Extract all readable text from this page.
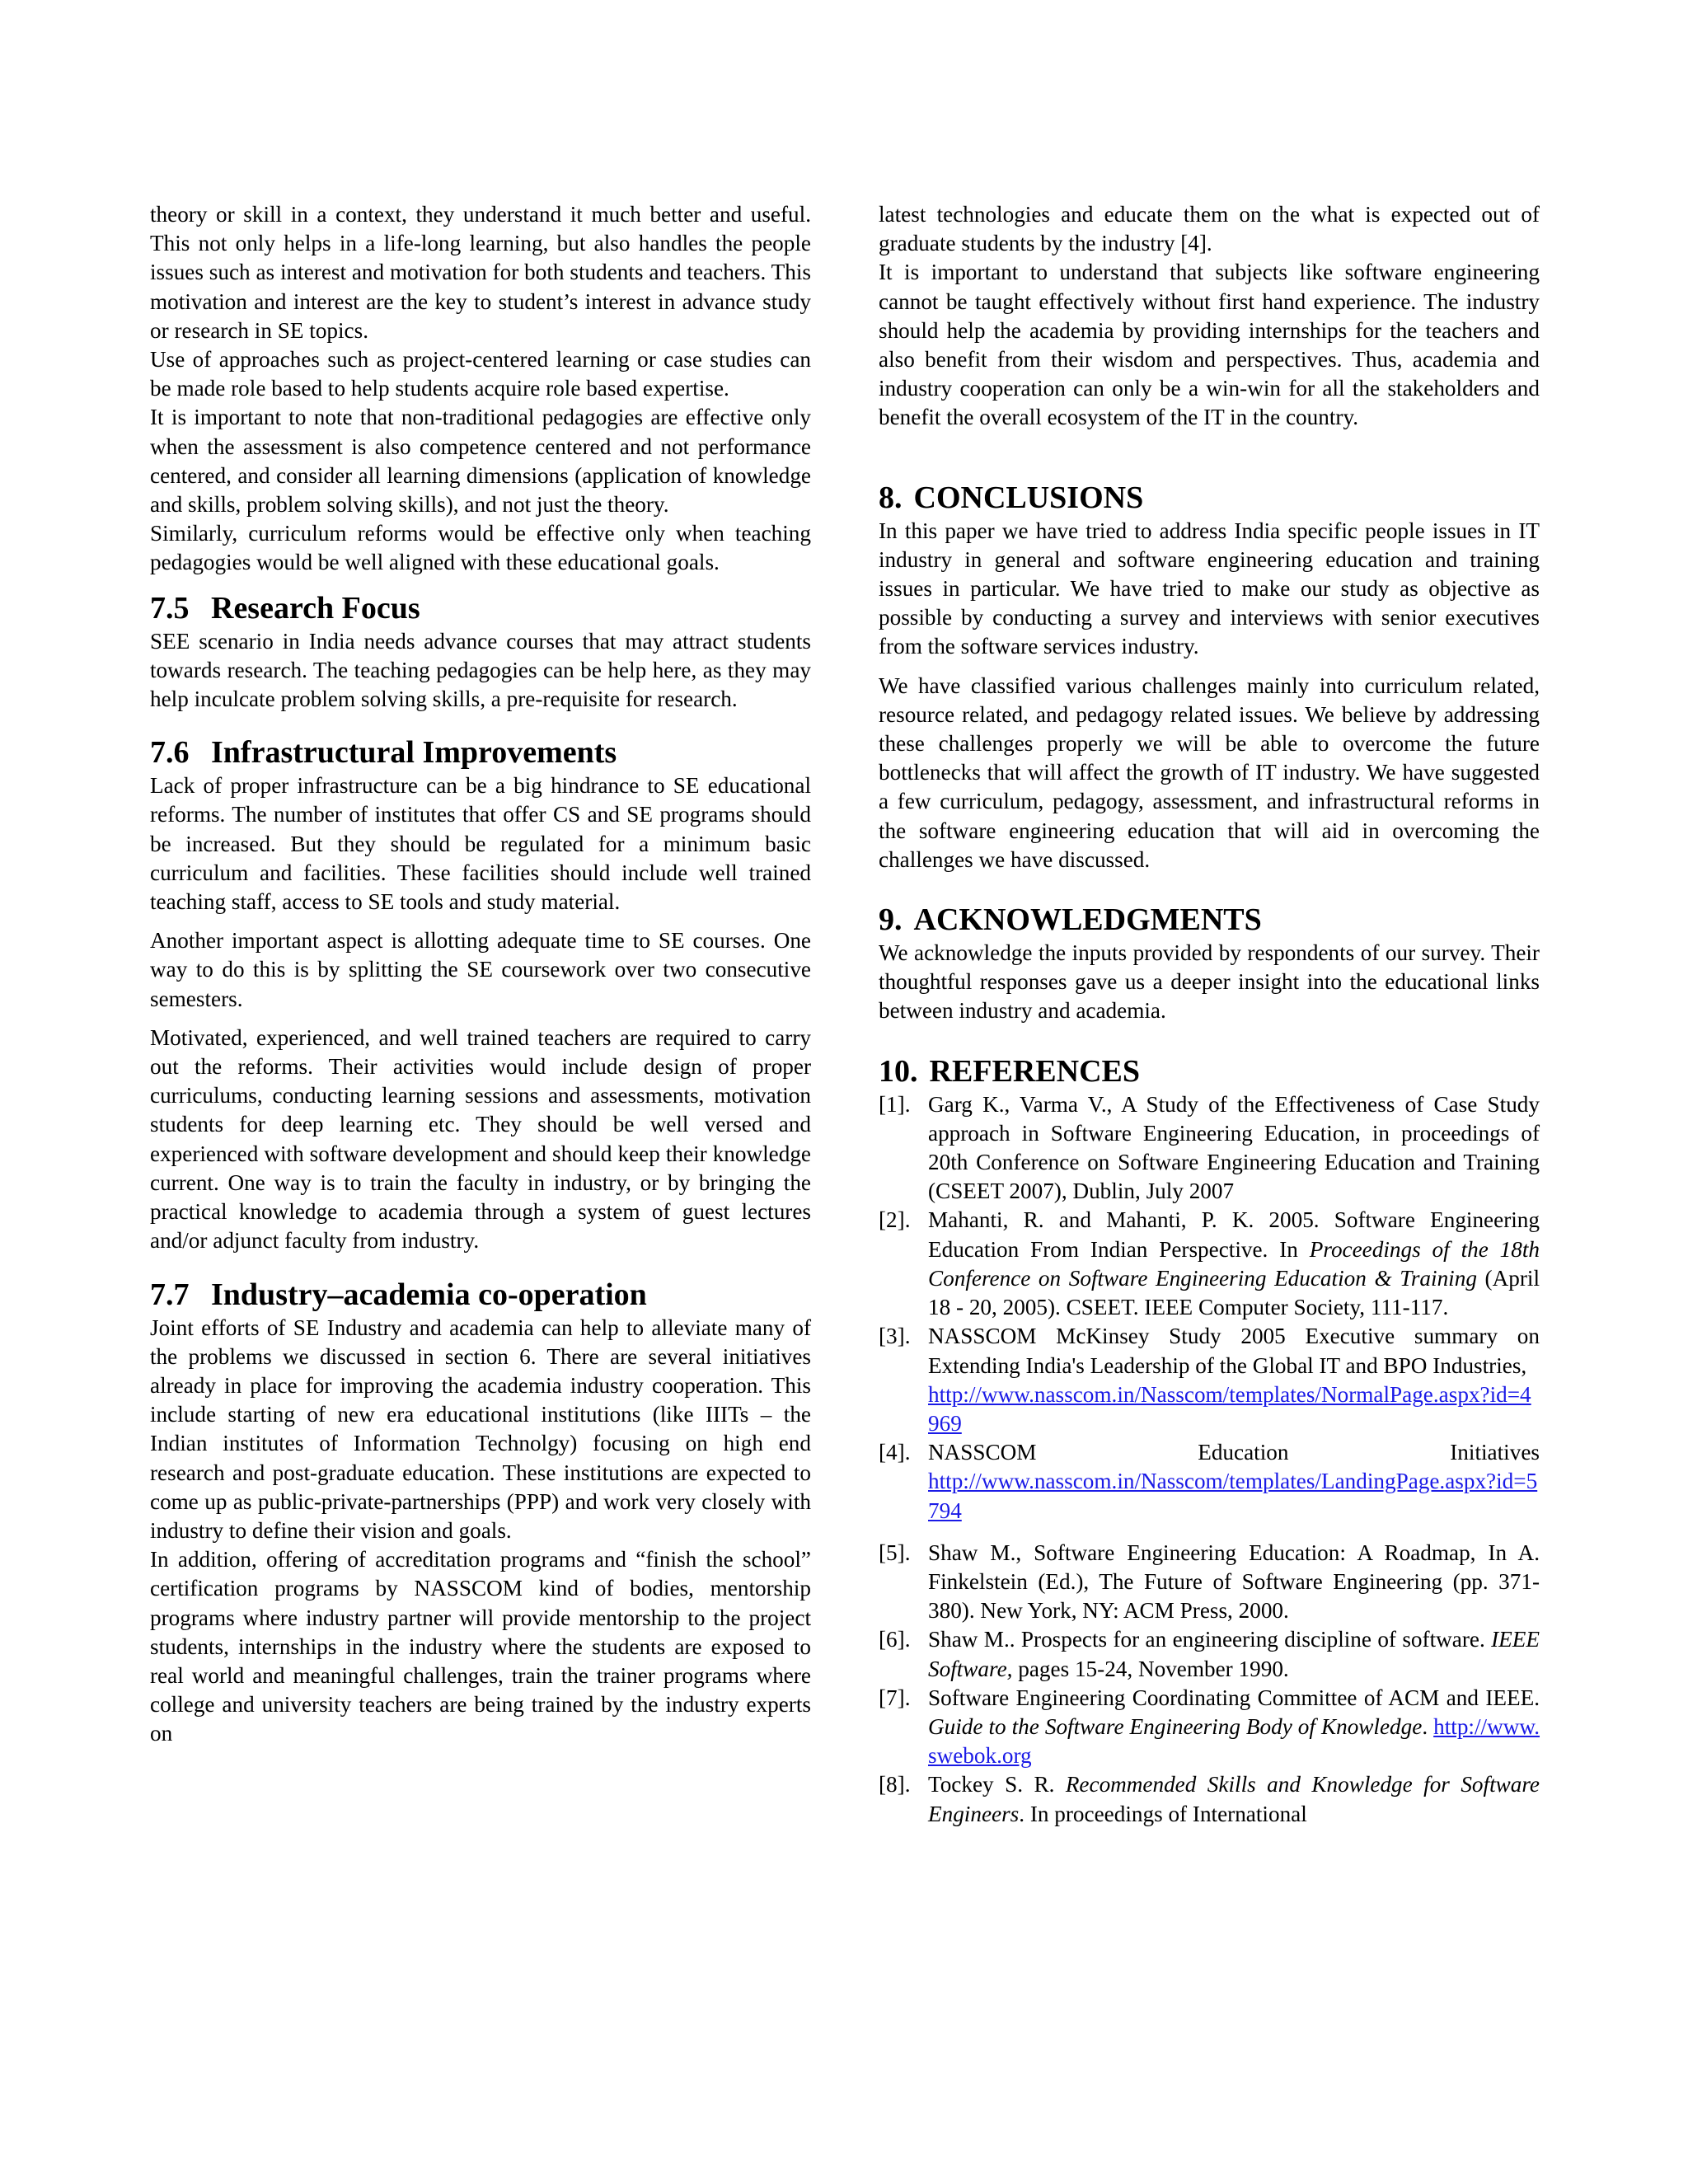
theory or skill in a context, they understand it much better and useful. This not only helps in a life-long learning, but also handles the people issues such as interest and motivation for both students and teachers. This motivation and interest are the key to student’s interest in advance study or research in SE topics.

Use of approaches such as project-centered learning or case studies can be made role based to help students acquire role based expertise.

It is important to note that non-traditional pedagogies are effective only when the assessment is also competence centered and not performance centered, and consider all learning dimensions (application of knowledge and skills, problem solving skills), and not just the theory.

Similarly, curriculum reforms would be effective only when teaching pedagogies would be well aligned with these educational goals.

7.5 Research Focus

SEE scenario in India needs advance courses that may attract students towards research. The teaching pedagogies can be help here, as they may help inculcate problem solving skills, a pre-requisite for research.

7.6 Infrastructural Improvements

Lack of proper infrastructure can be a big hindrance to SE educational reforms. The number of institutes that offer CS and SE programs should be increased. But they should be regulated for a minimum basic curriculum and facilities. These facilities should include well trained teaching staff, access to SE tools and study material.

Another important aspect is allotting adequate time to SE courses. One way to do this is by splitting the SE coursework over two consecutive semesters.

Motivated, experienced, and well trained teachers are required to carry out the reforms. Their activities would include design of proper curriculums, conducting learning sessions and assessments, motivation students for deep learning etc. They should be well versed and experienced with software development and should keep their knowledge current. One way is to train the faculty in industry, or by bringing the practical knowledge to academia through a system of guest lectures and/or adjunct faculty from industry.

7.7 Industry–academia co-operation

Joint efforts of SE Industry and academia can help to alleviate many of the problems we discussed in section 6. There are several initiatives already in place for improving the academia industry cooperation. This include starting of new era educational institutions (like IIITs – the Indian institutes of Information Technolgy) focusing on high end research and post-graduate education. These institutions are expected to come up as public-private-partnerships (PPP) and work very closely with industry to define their vision and goals.

In addition, offering of accreditation programs and “finish the school” certification programs by NASSCOM kind of bodies, mentorship programs where industry partner will provide mentorship to the project students, internships in the industry where the students are exposed to real world and meaningful challenges, train the trainer programs where college and university teachers are being trained by the industry experts on

latest technologies and educate them on the what is expected out of graduate students by the industry [4].

It is important to understand that subjects like software engineering cannot be taught effectively without first hand experience. The industry should help the academia by providing internships for the teachers and also benefit from their wisdom and perspectives. Thus, academia and industry cooperation can only be a win-win for all the stakeholders and benefit the overall ecosystem of the IT in the country.

8. CONCLUSIONS

In this paper we have tried to address India specific people issues in IT industry in general and software engineering education and training issues in particular. We have tried to make our study as objective as possible by conducting a survey and interviews with senior executives from the software services industry.

We have classified various challenges mainly into curriculum related, resource related, and pedagogy related issues. We believe by addressing these challenges properly we will be able to overcome the future bottlenecks that will affect the growth of IT industry. We have suggested a few curriculum, pedagogy, assessment, and infrastructural reforms in the software engineering education that will aid in overcoming the challenges we have discussed.

9. ACKNOWLEDGMENTS

We acknowledge the inputs provided by respondents of our survey. Their thoughtful responses gave us a deeper insight into the educational links between industry and academia.

10. REFERENCES
[1]. Garg K., Varma V., A Study of the Effectiveness of Case Study approach in Software Engineering Education, in proceedings of 20th Conference on Software Engineering Education and Training (CSEET 2007), Dublin, July 2007
[2]. Mahanti, R. and Mahanti, P. K. 2005. Software Engineering Education From Indian Perspective. In Proceedings of the 18th Conference on Software Engineering Education & Training (April 18 - 20, 2005). CSEET. IEEE Computer Society, 111-117.
[3]. NASSCOM McKinsey Study 2005 Executive summary on Extending India's Leadership of the Global IT and BPO Industries,
http://www.nasscom.in/Nasscom/templates/NormalPage.aspx?id=4969
[4]. NASSCOM	Education	Initiatives
http://www.nasscom.in/Nasscom/templates/LandingPage.aspx?id=5794
[5]. Shaw M., Software Engineering Education: A Roadmap, In A. Finkelstein (Ed.), The Future of Software Engineering (pp. 371-380). New York, NY: ACM Press, 2000.
[6]. Shaw M.. Prospects for an engineering discipline of software. IEEE Software, pages 15-24, November 1990.
[7]. Software Engineering Coordinating Committee of ACM and IEEE. Guide to the Software Engineering Body of Knowledge. http://www.swebok.org
[8]. Tockey S. R. Recommended Skills and Knowledge for Software Engineers. In proceedings of International
